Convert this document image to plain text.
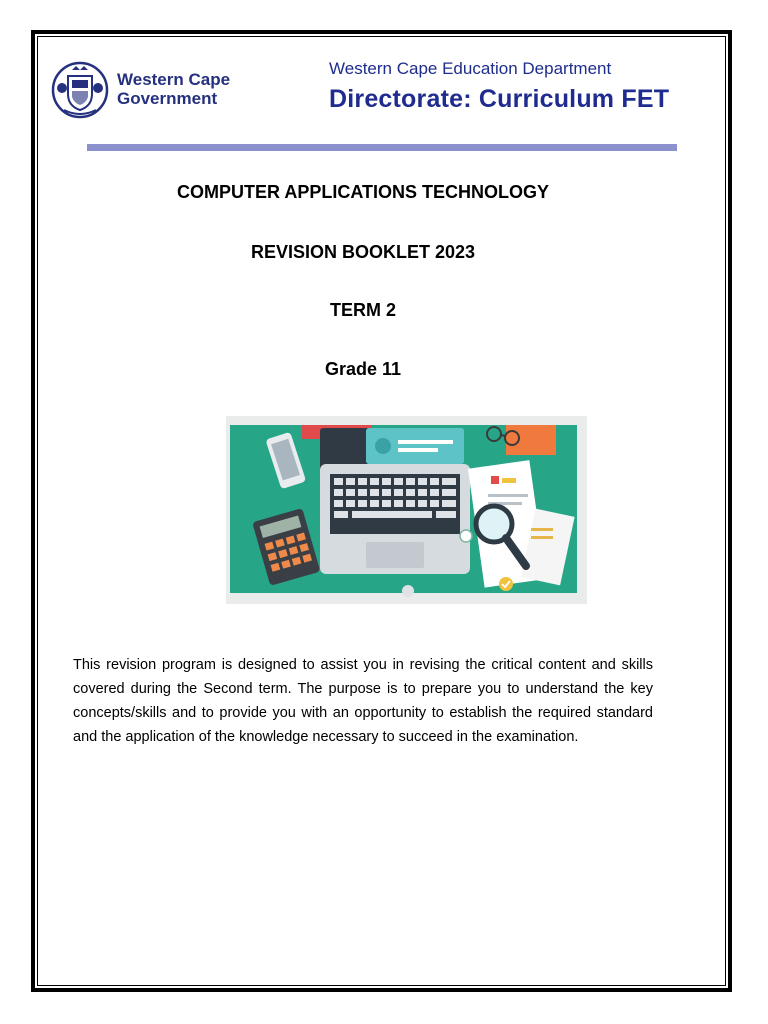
Western Cape
Government
Western Cape Education Department
Directorate: Curriculum FET
COMPUTER APPLICATIONS TECHNOLOGY
REVISION BOOKLET 2023
TERM 2
Grade 11
This revision program is designed to assist you in revising the critical content and skills covered during the Second term. The purpose is to prepare you to understand the key concepts/skills and to provide you with an opportunity to establish the required standard and the application of the knowledge necessary to succeed in the examination.
